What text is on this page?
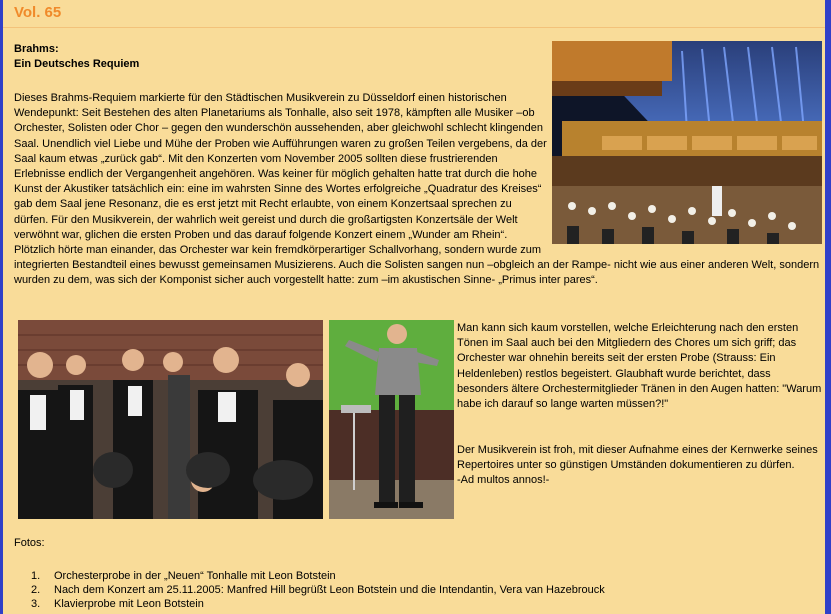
Vol. 65
Brahms:
Ein Deutsches Requiem
Dieses Brahms-Requiem markierte für den Städtischen Musikverein zu Düsseldorf einen historischen Wendepunkt: Seit Bestehen des alten Planetariums als Tonhalle, also seit 1978, kämpften alle Musiker –ob Orchester, Solisten oder Chor – gegen den wunderschön aussehenden, aber gleichwohl schlecht klingenden Saal. Unendlich viel Liebe und Mühe der Proben wie Aufführungen waren zu großen Teilen vergebens, da der Saal kaum etwas „zurück gab“. Mit den Konzerten vom November 2005 sollten diese frustrierenden Erlebnisse endlich der Vergangenheit angehören. Was keiner für möglich gehalten hatte trat durch die hohe Kunst der Akustiker tatsächlich ein: eine im wahrsten Sinne des Wortes erfolgreiche „Quadratur des Kreises“ gab dem Saal jene Resonanz, die es erst jetzt mit Recht erlaubte, von einem Konzertsaal sprechen zu dürfen. Für den Musikverein, der wahrlich weit gereist und durch die großartigsten Konzertsäle der Welt verwöhnt war, glichen die ersten Proben und das darauf folgende Konzert einem „Wunder am Rhein“. Plötzlich hörte man einander, das Orchester war kein fremdkörperartiger Schallvorhang, sondern wurde zum integrierten Bestandteil eines bewusst gemeinsamen Musizierens. Auch die Solisten sangen nun –obgleich an der Rampe- nicht wie aus einer anderen Welt, sondern wurden zu dem, was sich der Komponist sicher auch vorgestellt hatte: zum –im akustischen Sinne- „Primus inter pares“.
Man kann sich kaum vorstellen, welche Erleichterung nach den ersten Tönen im Saal auch bei den Mitgliedern des Chores um sich griff; das Orchester war ohnehin bereits seit der ersten Probe (Strauss: Ein Heldenleben) restlos begeistert. Glaubhaft wurde berichtet, dass besonders ältere Orchestermitglieder Tränen in den Augen hatten: "Warum habe ich darauf so lange warten müssen?!"
Der Musikverein ist froh, mit dieser Aufnahme eines der Kernwerke seines Repertoires unter so günstigen Umständen dokumentieren zu dürfen.
-Ad multos annos!-
Fotos:
1. Orchesterprobe in der „Neuen“ Tonhalle mit Leon Botstein
2. Nach dem Konzert am 25.11.2005: Manfred Hill begrüßt Leon Botstein und die Intendantin, Vera van Hazebrouck
3. Klavierprobe mit Leon Botstein
